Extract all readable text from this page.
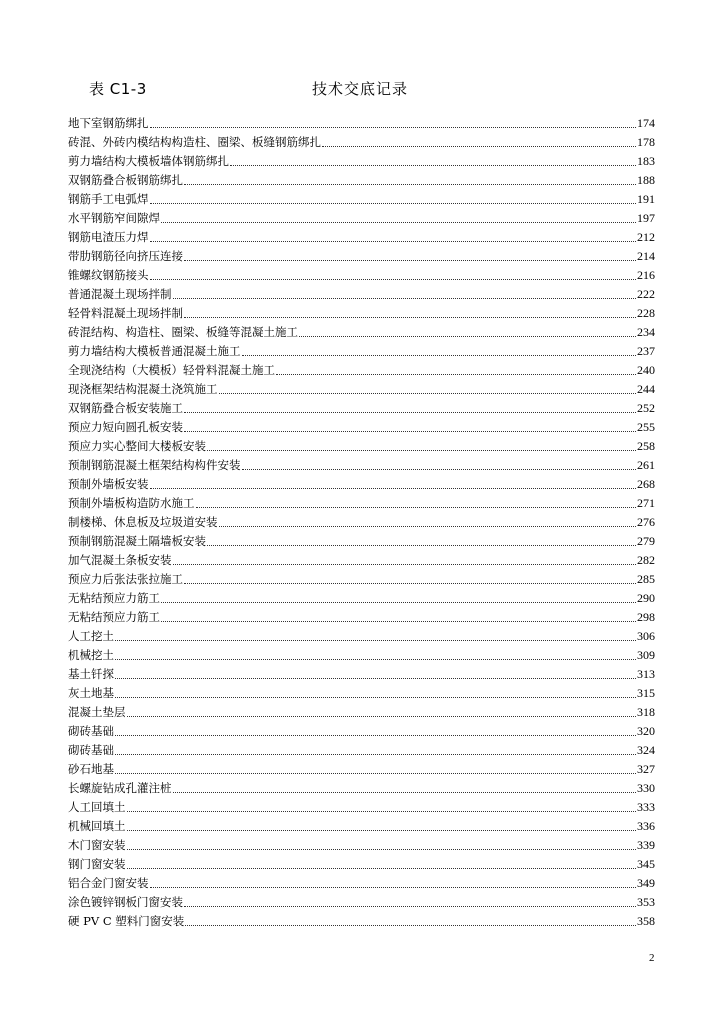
表 C1-3	技术交底记录
地下室钢筋绑扎	174
砖混、外砖内模结构构造柱、圈梁、板缝钢筋绑扎	178
剪力墙结构大模板墙体钢筋绑扎	183
双钢筋叠合板钢筋绑扎	188
钢筋手工电弧焊	191
水平钢筋窄间隙焊	197
钢筋电渣压力焊	212
带肋钢筋径向挤压连接	214
锥螺纹钢筋接头	216
普通混凝土现场拌制	222
轻骨料混凝土现场拌制	228
砖混结构、构造柱、圈梁、板缝等混凝土施工	234
剪力墙结构大模板普通混凝土施工	237
全现浇结构（大模板）轻骨料混凝土施工	240
现浇框架结构混凝土浇筑施工	244
双钢筋叠合板安装施工	252
预应力短向圆孔板安装	255
预应力实心整间大楼板安装	258
预制钢筋混凝土框架结构构件安装	261
预制外墙板安装	268
预制外墙板构造防水施工	271
制楼梯、休息板及垃圾道安装	276
预制钢筋混凝土隔墙板安装	279
加气混凝土条板安装	282
预应力后张法张拉施工	285
无粘结预应力筋工	290
无粘结预应力筋工	298
人工挖土	306
机械挖土	309
基土钎探	313
灰土地基	315
混凝土垫层	318
砌砖基础	320
砌砖基础	324
砂石地基	327
长螺旋钻成孔灌注桩	330
人工回填土	333
机械回填土	336
木门窗安装	339
钢门窗安装	345
铝合金门窗安装	349
涂色镀锌钢板门窗安装	353
硬 PV C 塑料门窗安装	358
2
